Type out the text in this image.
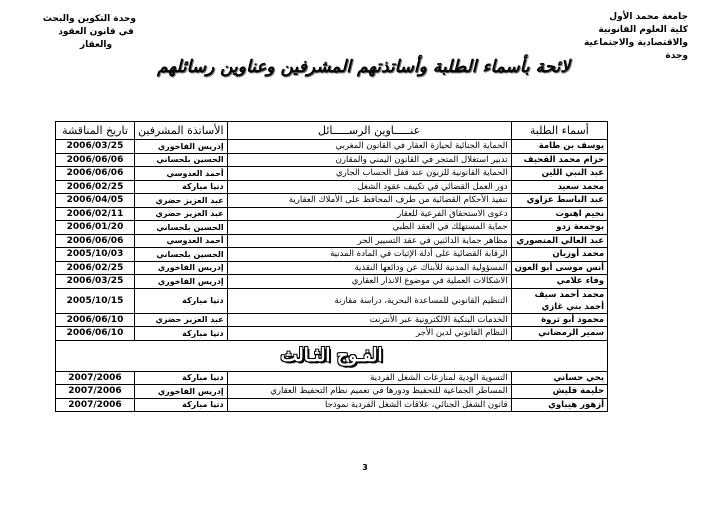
جامعة محمد الأول
كلية العلوم القانونية
والاقتصادية والاجتماعية
وجدة
وحدة التكوين والبحث
في قانون العقود
والعقار
لائحة بأسماء الطلبة وأساتذتهم المشرفين وعناوين رسائلهم
أسماء الطلبة	عنـــــاوين الرســـــائل	الأساتذة المشرفين	تاريخ المناقشة
يوسف بن طامة	الحماية الجنائية لحيازة العقار في القانون المغربي	إدريس الفاخوري	2006/03/25
حزام محمد القحيف	تدبير استغلال المتجر في القانون اليمني والمقارن	الحسين بلحساني	2006/06/06
عبد النبي اللين	الحماية القانونية للزبون عند قفل الحساب الجاري	أحمد العدوسي	2006/06/06
محمد سعيد	دور العمل القضائي في تكييف عقود الشغل	دنيا مباركة	2006/02/25
عبد الباسط عزاوي	تنفيذ الأحكام القضائية من طرف المحافظ على الأملاك العقارية	عبد العزيز حضري	2006/04/05
نجيم اهنوت	دعوى الاستحقاق الفرعية للعقار	عبد العزيز حضري	2006/02/11
بوجمعة زدو	حماية المستهلك في العقد الطبي	الحسين بلحساني	2006/01/20
عبد العالي المنصوري	مظاهر حماية الدائنين في عقد التسيير الحر	أحمد العدوسي	2006/06/06
محمد أوزيان	الرقابة القضائية على أدلة الإثبات في المادة المدنية	الحسين بلحساني	2005/10/03
أنس موسى أبو العون	المسؤولية المدنية للأبناك عن ودائعها النقدية	إدريس الفاخوري	2006/02/25
وفاء علامي	الاشكالات العملية في موضوع الانذار العقاري	إدريس الفاخوري	2006/03/25
محمد أحمد سيف أحمد بني غازي	التنظيم القانوني للمساعدة البحرية، دراسة مقارنة	دنيا مباركة	2005/10/15
محمود أبو ثروة	الخدمات البنكية الالكترونية عبر الأنترنت	عبد العزيز حضري	2006/06/10
سمير الرمضاني	النظام القانوني لدين الأجر	دنيا مباركة	2006/06/10
الفـوج الثـالث			
يحي حساني	التسوية الودية لمنازعات الشغل الفردية	دنيا مباركة	2007/2006
حليمة قليش	المساطر الجماعية للتحفيظ ودورها في تعميم نظام التحفيظ العقاري	إدريس الفاخوري	2007/2006
أزهور هيباوي	قانون الشغل الجنائي، علاقات الشغل الفردية نموذجا	دنيا مباركة	2007/2006
3
